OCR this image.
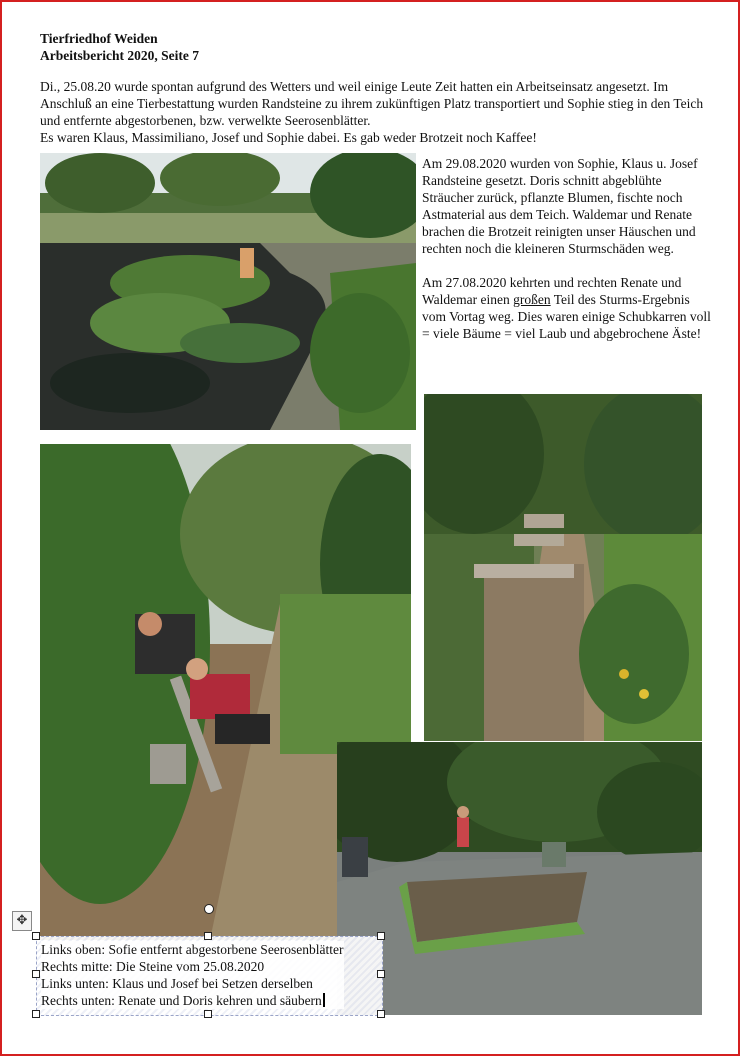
Tierfriedhof Weiden
Arbeitsbericht 2020, Seite 7
Di., 25.08.20 wurde spontan aufgrund des Wetters und weil einige Leute Zeit hatten ein Arbeitseinsatz angesetzt. Im Anschluß an eine Tierbestattung wurden Randsteine zu ihrem zukünftigen Platz transportiert und Sophie stieg in den Teich und entfernte abgestorbenen, bzw. verwelkte Seerosenblätter.
Es waren Klaus, Massimiliano, Josef und Sophie dabei. Es gab weder Brotzeit noch Kaffee!

Am 29.08.2020 wurden von Sophie, Klaus u. Josef Randsteine gesetzt. Doris schnitt abgeblühte Sträucher zurück, pflanzte Blumen, fischte noch Astmaterial aus dem Teich. Waldemar und Renate brachen die Brotzeit reinigten unser Häuschen und rechten noch die kleineren Sturmschäden weg.

Am 27.08.2020 kehrten und rechten Renate und Waldemar einen großen Teil des Sturms-Ergebnis vom Vortag weg. Dies waren einige Schubkarren voll = viele Bäume = viel Laub und abgebrochene Äste!

✥
Links oben: Sofie entfernt abgestorbene Seerosenblätter
Rechts mitte: Die Steine vom 25.08.2020
Links unten: Klaus und Josef bei Setzen derselben
Rechts unten: Renate und Doris kehren und säubern
